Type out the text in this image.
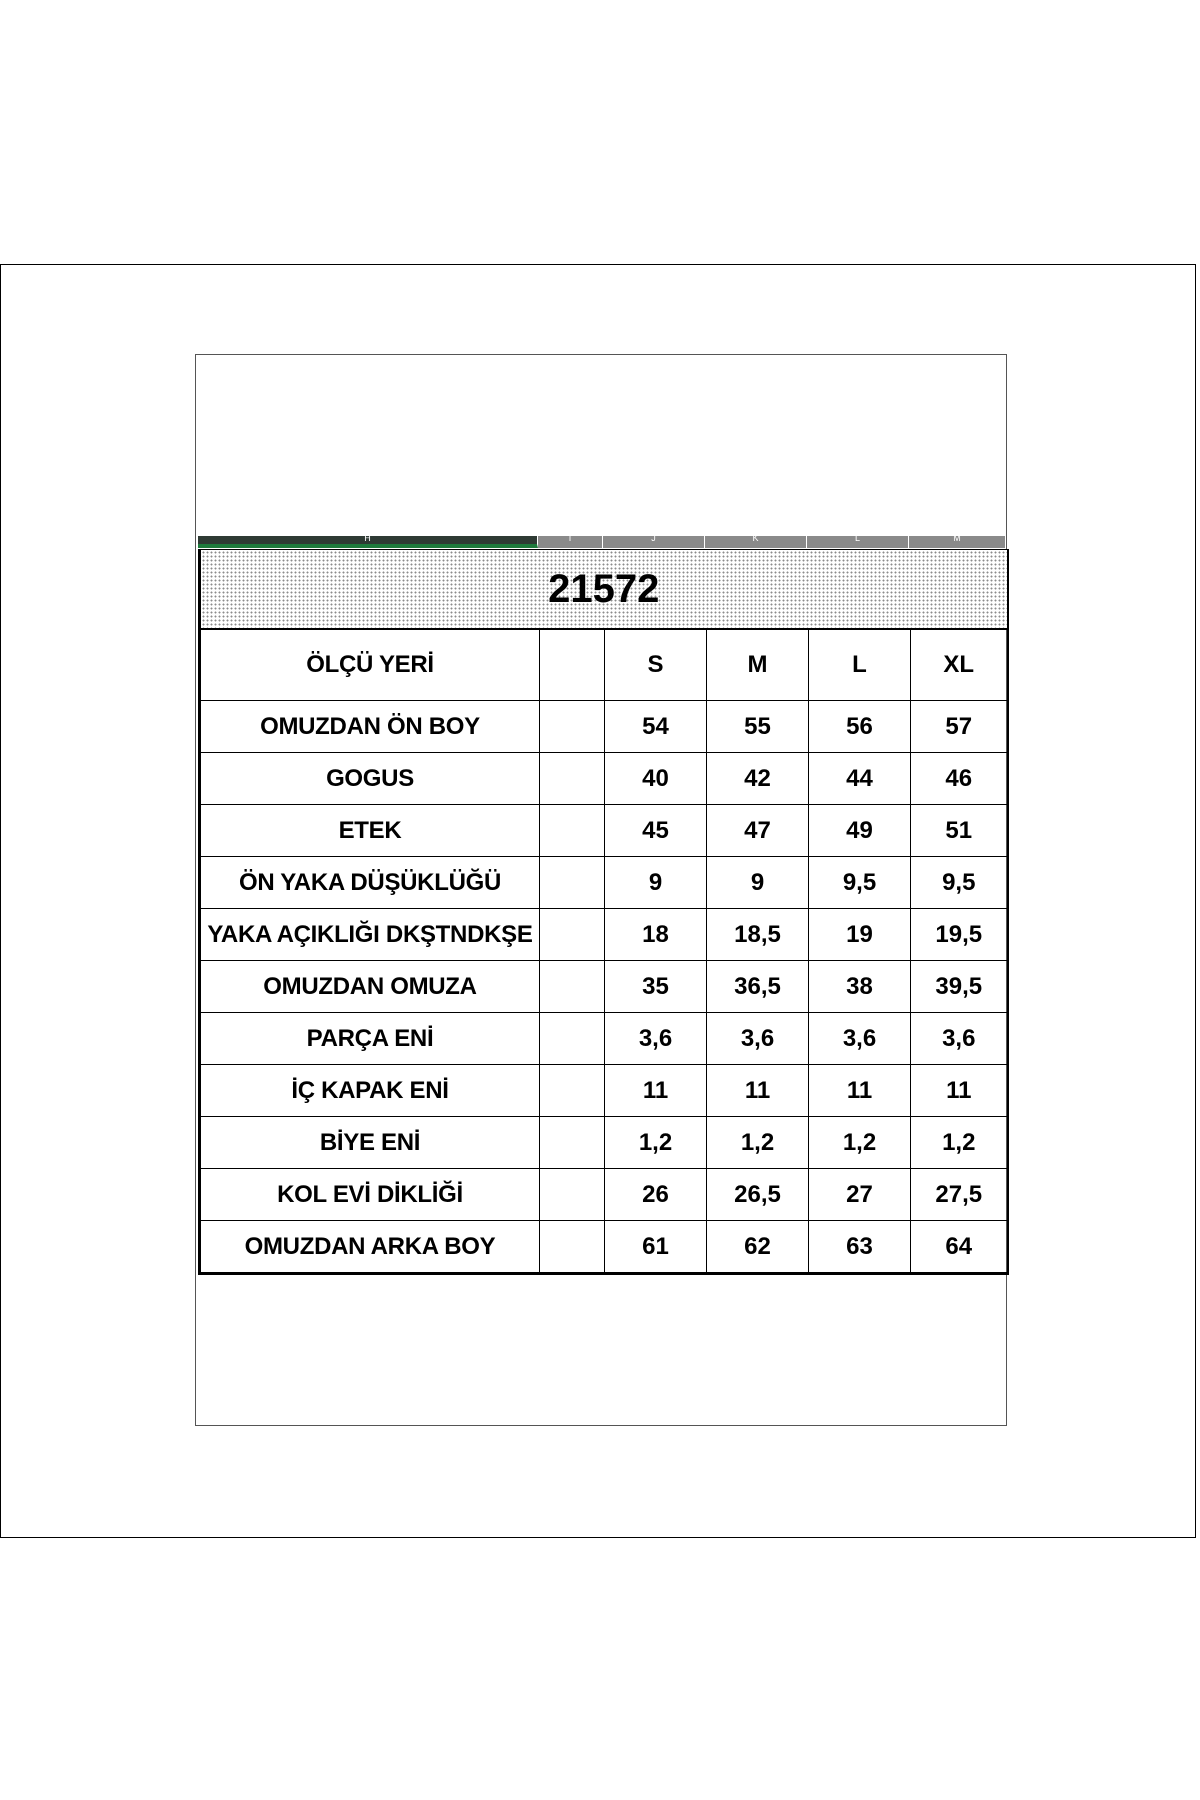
H	I	J	K	L	M
21572					
ÖLÇÜ YERİ		S	M	L	XL
OMUZDAN ÖN BOY		54	55	56	57
GOGUS		40	42	44	46
ETEK		45	47	49	51
ÖN YAKA DÜŞÜKLÜĞÜ		9	9	9,5	9,5
YAKA AÇIKLIĞI DKŞTNDKŞE		18	18,5	19	19,5
OMUZDAN OMUZA		35	36,5	38	39,5
PARÇA ENİ		3,6	3,6	3,6	3,6
İÇ KAPAK ENİ		11	11	11	11
BİYE ENİ		1,2	1,2	1,2	1,2
KOL EVİ DİKLİĞİ		26	26,5	27	27,5
OMUZDAN ARKA BOY		61	62	63	64
